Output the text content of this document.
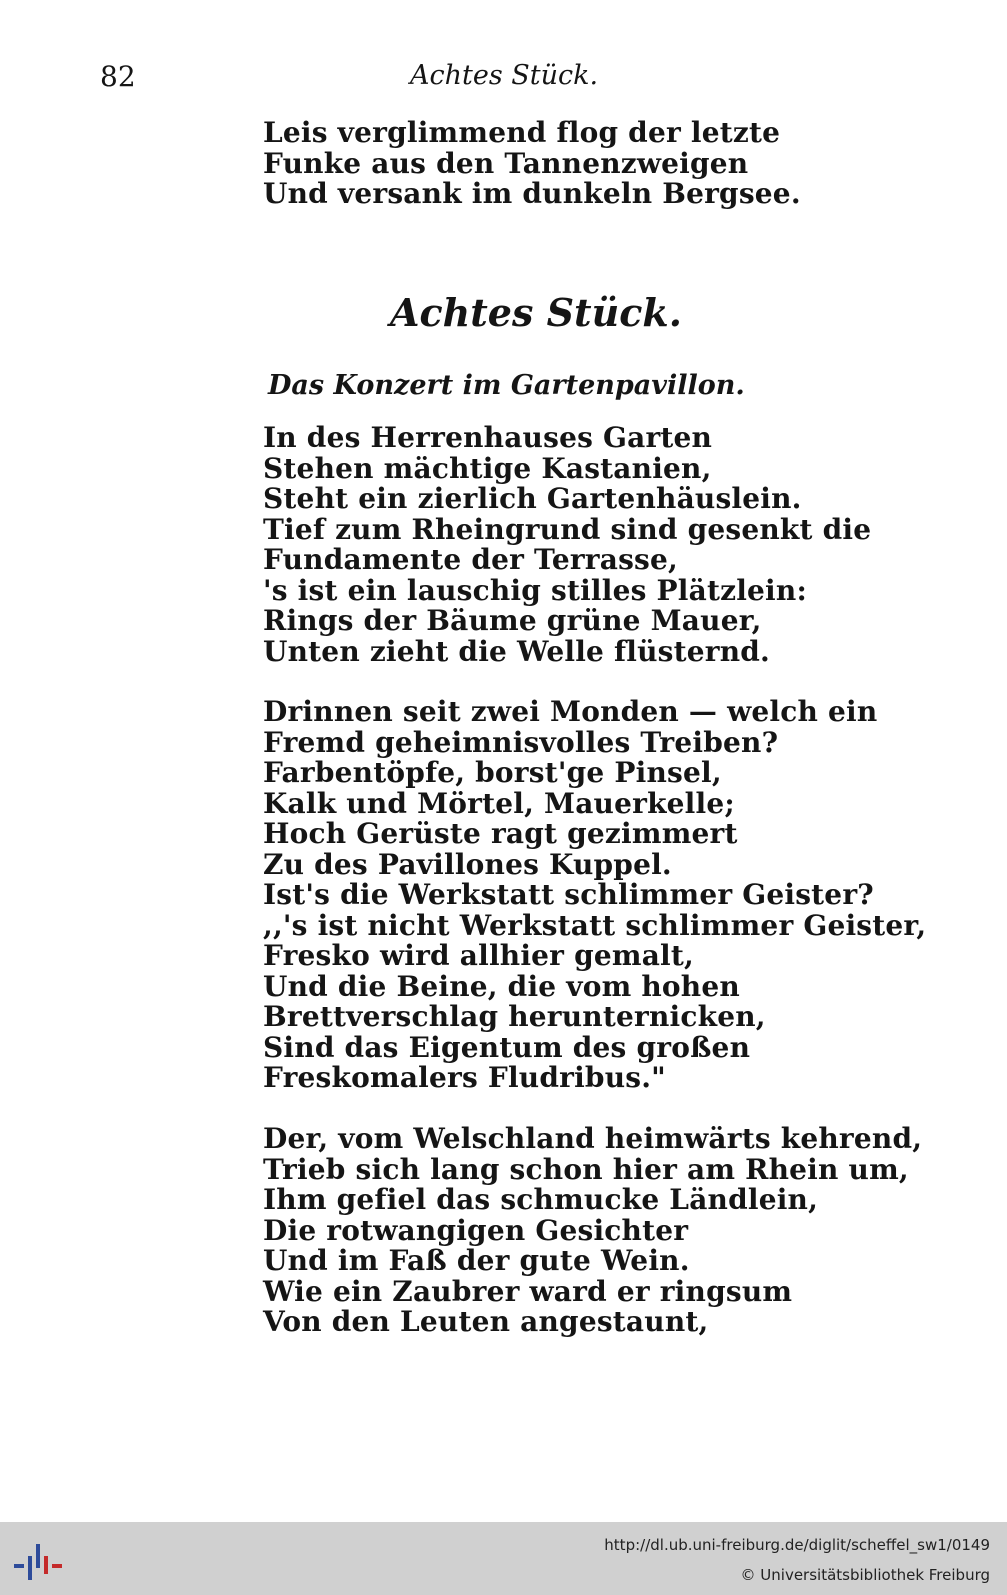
82	Achtes Stück.
Leis verglimmend flog der letzte
Funke aus den Tannenzweigen
Und versank im dunkeln Bergsee.
Achtes Stück.
Das Konzert im Gartenpavillon.
In des Herrenhauses Garten
Stehen mächtige Kastanien,
Steht ein zierlich Gartenhäuslein.
Tief zum Rheingrund sind gesenkt die
Fundamente der Terrasse,
's ist ein lauschig stilles Plätzlein:
Rings der Bäume grüne Mauer,
Unten zieht die Welle flüsternd.
Drinnen seit zwei Monden — welch ein
Fremd geheimnisvolles Treiben?
Farbentöpfe, borst'ge Pinsel,
Kalk und Mörtel, Mauerkelle;
Hoch Gerüste ragt gezimmert
Zu des Pavillones Kuppel.
Ist's die Werkstatt schlimmer Geister?
,,'s ist nicht Werkstatt schlimmer Geister,
Fresko wird allhier gemalt,
Und die Beine, die vom hohen
Brettverschlag herunternicken,
Sind das Eigentum des großen
Freskomalers Fludribus."
Der, vom Welschland heimwärts kehrend,
Trieb sich lang schon hier am Rhein um,
Ihm gefiel das schmucke Ländlein,
Die rotwangigen Gesichter
Und im Faß der gute Wein.
Wie ein Zaubrer ward er ringsum
Von den Leuten angestaunt,
http://dl.ub.uni-freiburg.de/diglit/scheffel_sw1/0149
© Universitätsbibliothek Freiburg
